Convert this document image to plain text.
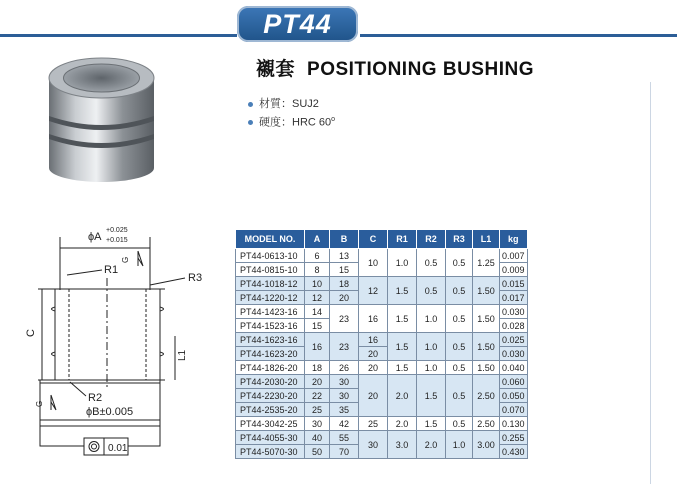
PT44
襯套 POSITIONING BUSHING
材質：SUJ2
硬度：HRC 60$^o$
ϕA
+0.025
+0.015
R1
R3
R2
C
L1
G
G
ϕB±0.005
0.01
MODEL NO.	A	B	C	R1	R2	R3	L1	kg
PT44-0613-10	6	13	10	1.0	0.5	0.5	1.25	0.007
PT44-0815-10	8	15						0.009
PT44-1018-12	10	18	12	1.5	0.5	0.5	1.50	0.015
PT44-1220-12	12	20						0.017
PT44-1423-16	14	23	16	1.5	1.0	0.5	1.50	0.030
PT44-1523-16	15							0.028
PT44-1623-16	16	23	16	1.5	1.0	0.5	1.50	0.025
PT44-1623-20			20					0.030
PT44-1826-20	18	26	20	1.5	1.0	0.5	1.50	0.040
PT44-2030-20	20	30	20	2.0	1.5	0.5	2.50	0.060
PT44-2230-20	22	30						0.050
PT44-2535-20	25	35						0.070
PT44-3042-25	30	42	25	2.0	1.5	0.5	2.50	0.130
PT44-4055-30	40	55	30	3.0	2.0	1.0	3.00	0.255
PT44-5070-30	50	70						0.430
